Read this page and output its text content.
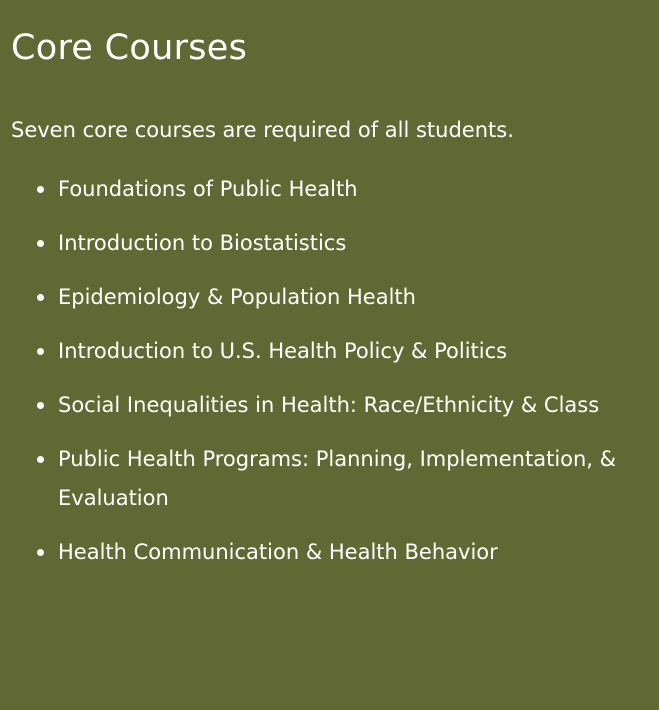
Core Courses

Seven core courses are required of all students.

Foundations of Public Health
Introduction to Biostatistics
Epidemiology & Population Health
Introduction to U.S. Health Policy & Politics
Social Inequalities in Health: Race/Ethnicity & Class
Public Health Programs: Planning, Implementation, & Evaluation
Health Communication & Health Behavior
